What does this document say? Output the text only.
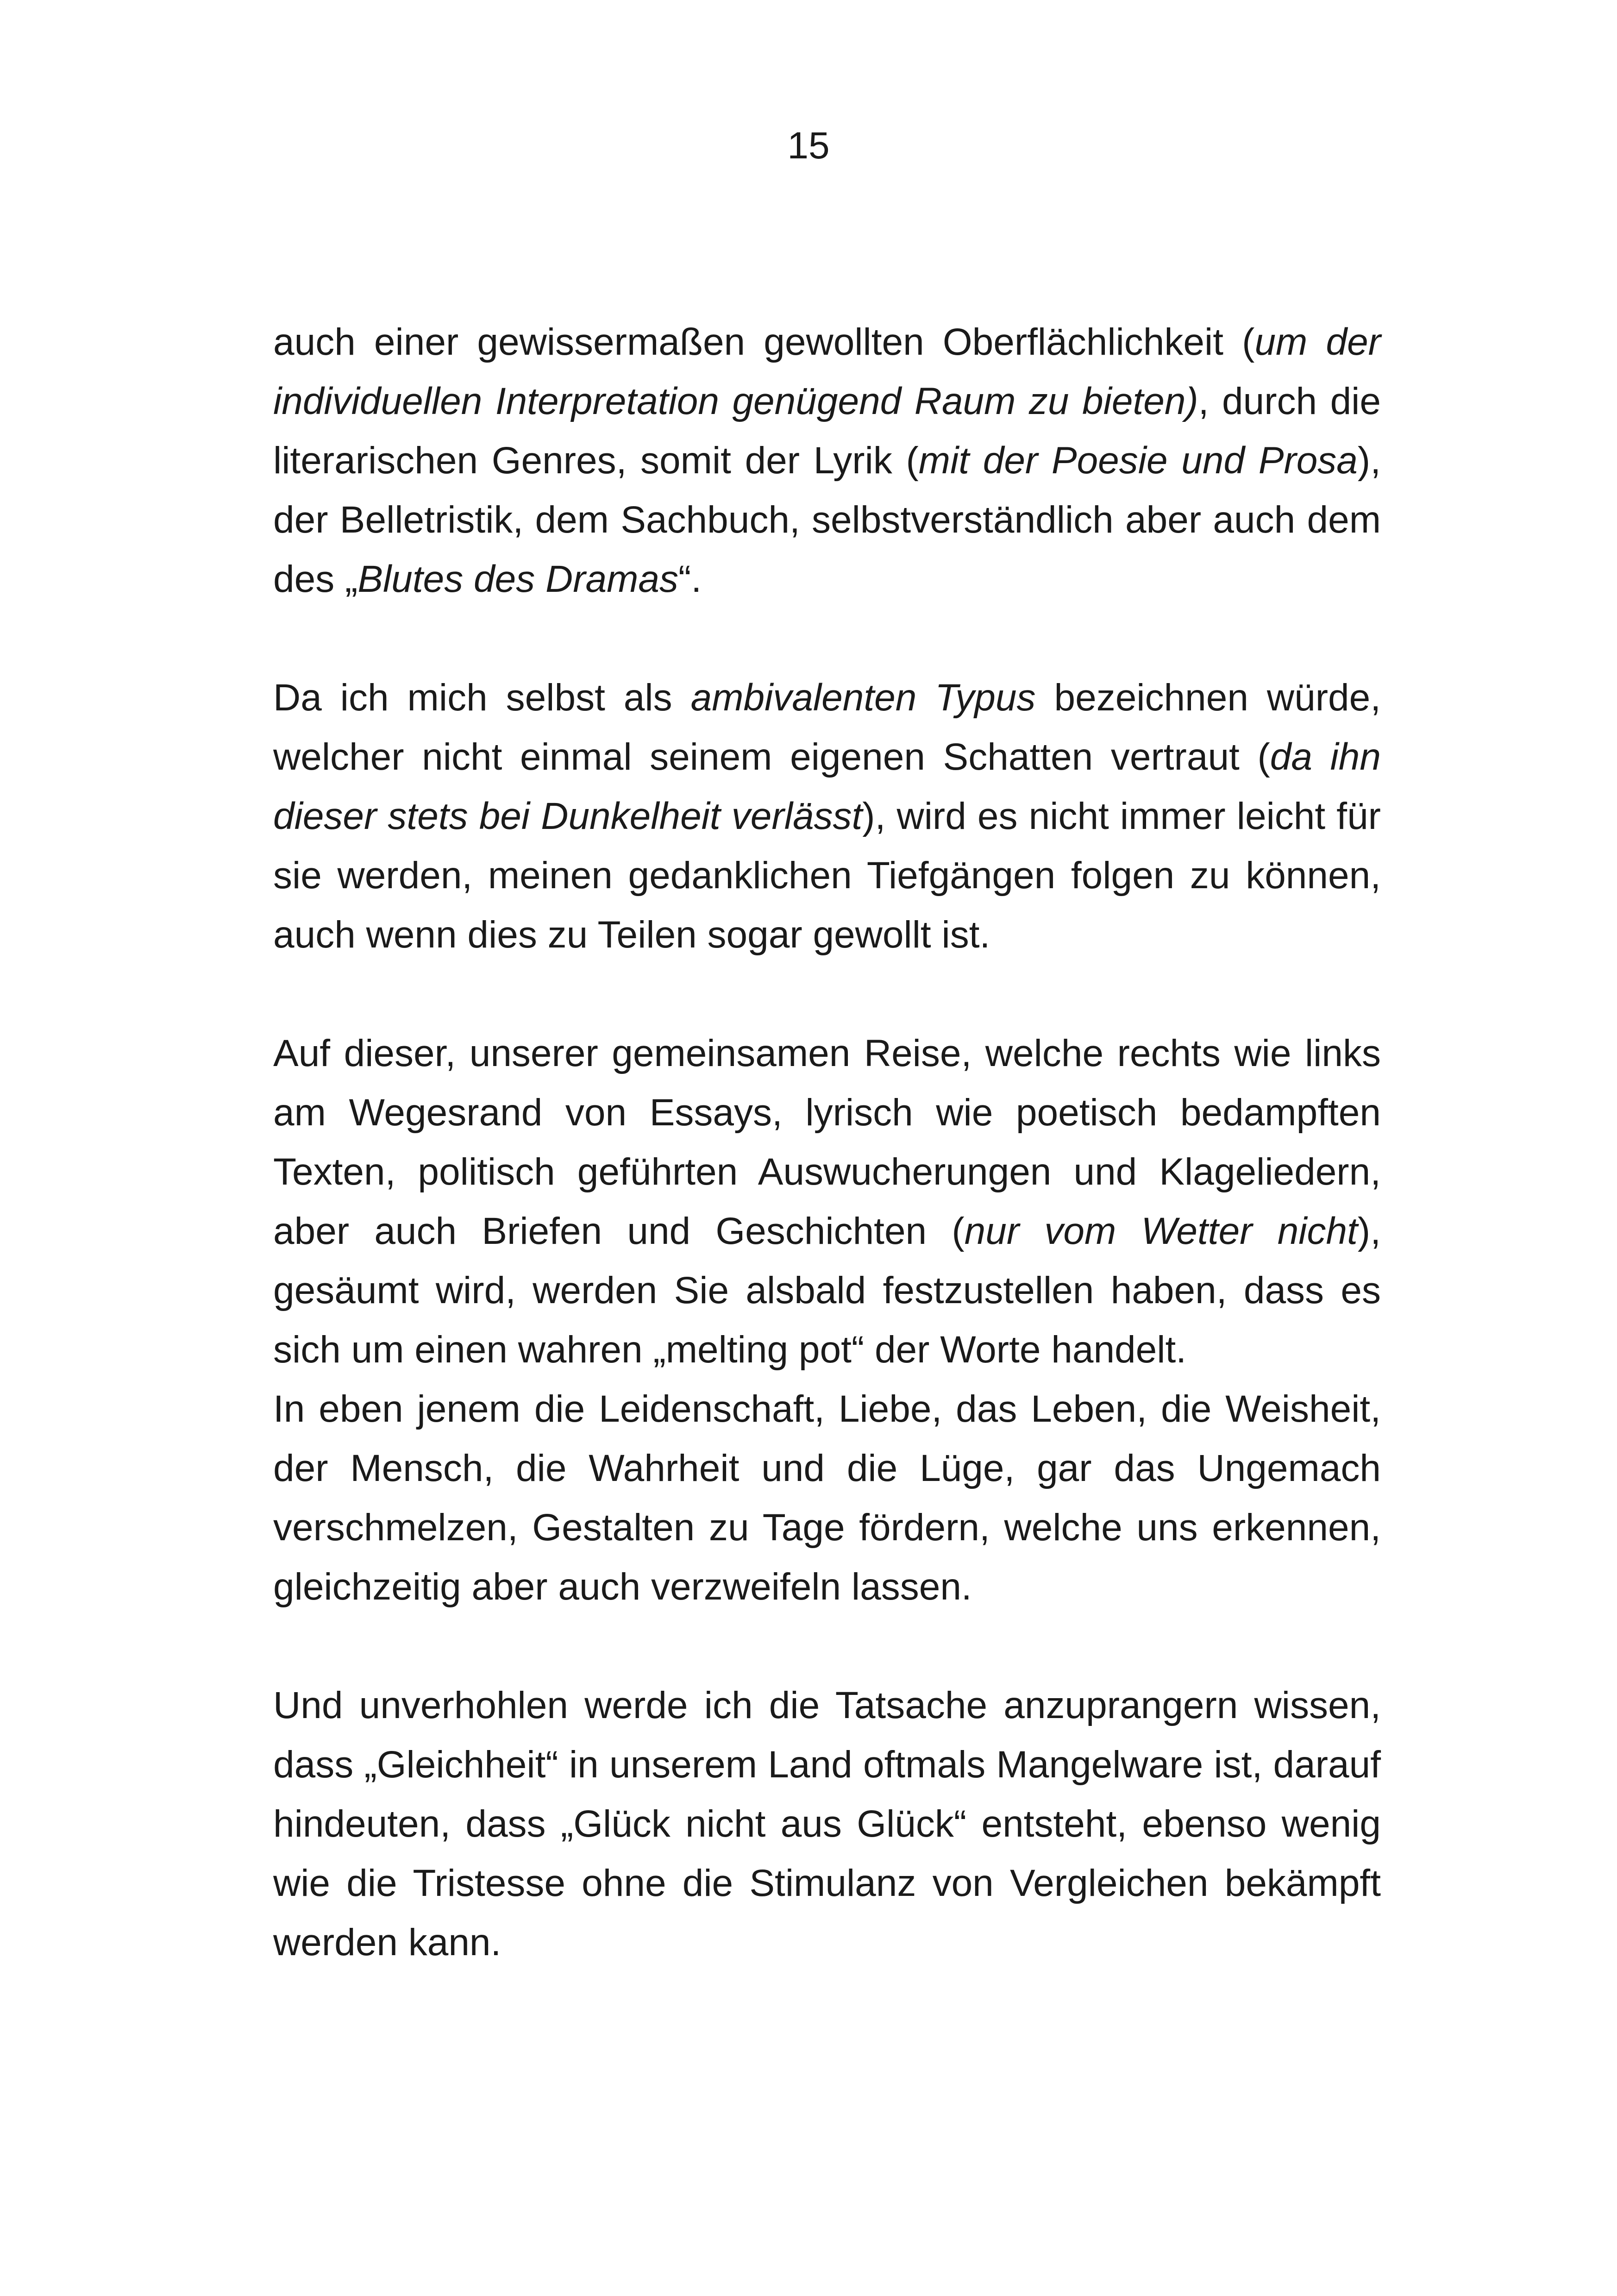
15

auch einer gewissermaßen gewollten Oberflächlichkeit (um der individuellen Interpretation genügend Raum zu bieten), durch die literarischen Genres, somit der Lyrik (mit der Poesie und Prosa), der Belletristik, dem Sachbuch, selbstverständlich aber auch dem des „Blutes des Dramas“.

Da ich mich selbst als ambivalenten Typus bezeichnen würde, welcher nicht einmal seinem eigenen Schatten vertraut (da ihn dieser stets bei Dunkelheit verlässt), wird es nicht immer leicht für sie werden, meinen gedanklichen Tiefgängen folgen zu können, auch wenn dies zu Teilen sogar gewollt ist.

Auf dieser, unserer gemeinsamen Reise, welche rechts wie links am Wegesrand von Essays, lyrisch wie poetisch bedampften Texten, politisch geführten Auswucherungen und Klageliedern, aber auch Briefen und Geschichten (nur vom Wetter nicht), gesäumt wird, werden Sie alsbald festzustellen haben, dass es sich um einen wahren „melting pot“ der Worte handelt.

In eben jenem die Leidenschaft, Liebe, das Leben, die Weisheit, der Mensch, die Wahrheit und die Lüge, gar das Ungemach verschmelzen, Gestalten zu Tage fördern, welche uns erkennen, gleichzeitig aber auch verzweifeln lassen.

Und unverhohlen werde ich die Tatsache anzuprangern wissen, dass „Gleichheit“ in unserem Land oftmals Mangelware ist, darauf hindeuten, dass „Glück nicht aus Glück“ entsteht, ebenso wenig wie die Tristesse ohne die Stimulanz von Vergleichen bekämpft werden kann.
